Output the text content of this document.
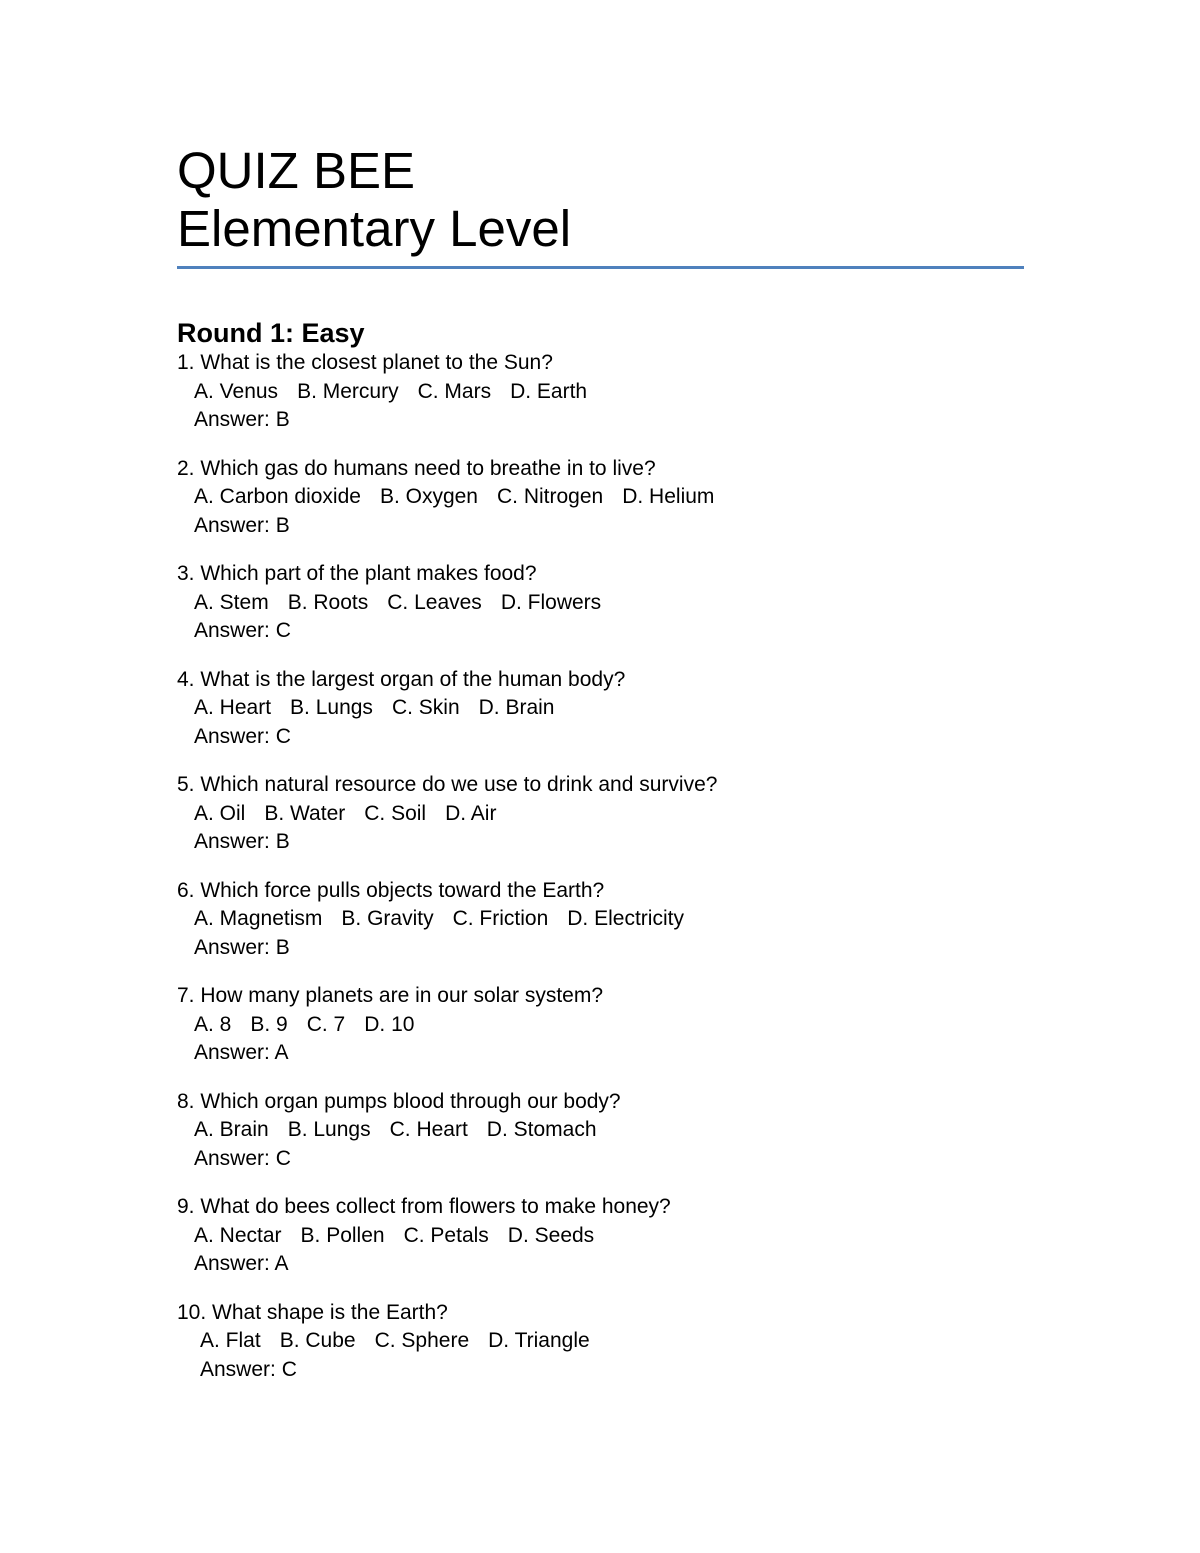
QUIZ BEE
Elementary Level
Round 1: Easy
1. What is the closest planet to the Sun?
A. Venus B. Mercury C. Mars D. Earth
Answer: B
2. Which gas do humans need to breathe in to live?
A. Carbon dioxide B. Oxygen C. Nitrogen D. Helium
Answer: B
3. Which part of the plant makes food?
A. Stem B. Roots C. Leaves D. Flowers
Answer: C
4. What is the largest organ of the human body?
A. Heart B. Lungs C. Skin D. Brain
Answer: C
5. Which natural resource do we use to drink and survive?
A. Oil B. Water C. Soil D. Air
Answer: B
6. Which force pulls objects toward the Earth?
A. Magnetism B. Gravity C. Friction D. Electricity
Answer: B
7. How many planets are in our solar system?
A. 8 B. 9 C. 7 D. 10
Answer: A
8. Which organ pumps blood through our body?
A. Brain B. Lungs C. Heart D. Stomach
Answer: C
9. What do bees collect from flowers to make honey?
A. Nectar B. Pollen C. Petals D. Seeds
Answer: A
10. What shape is the Earth?
A. Flat B. Cube C. Sphere D. Triangle
Answer: C
